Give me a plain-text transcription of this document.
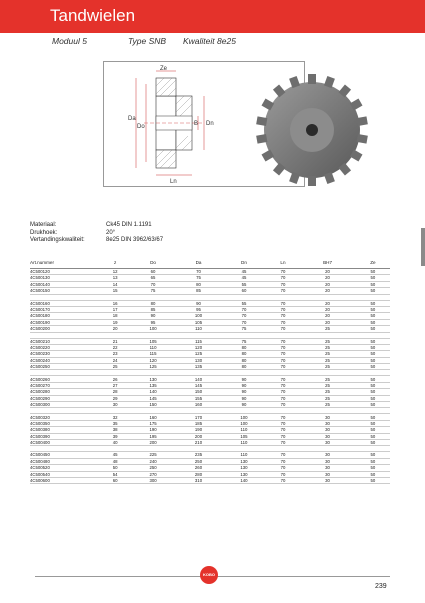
Tandwielen
Moduul 5	Type SNB Kwaliteit 8e25
Ze
Da
Do	B Dn
Ln
Materiaal:	Ck45 DIN 1.1191
Drukhoek:	20°
Vertandingskwaliteit:	8e25 DIN 3962/63/67
Art.nummer	z	Do	Da	Dn	Ln	BH7	Ze
4C500120	12	60	70	45	70	20	50
4C500130	13	65	75	45	70	20	50
4C500140	14	70	80	55	70	20	50
4C500150	15	75	85	60	70	20	50

4C500160	16	80	90	55	70	20	50
4C500170	17	85	95	70	70	20	50
4C500180	18	90	100	70	70	20	50
4C500190	19	95	105	70	70	20	50
4C500200	20	100	110	75	70	25	50

4C500210	21	105	115	75	70	25	50
4C500220	22	110	120	80	70	25	50
4C500230	23	115	125	80	70	25	50
4C500240	24	120	130	80	70	25	50
4C500250	25	125	135	80	70	25	50

4C500260	26	130	140	90	70	25	50
4C500270	27	135	145	90	70	25	50
4C500280	28	140	150	90	70	25	50
4C500290	29	145	155	90	70	25	50
4C500300	30	150	160	90	70	25	50

4C500320	32	160	170	100	70	30	50
4C500350	35	175	185	100	70	30	50
4C500380	38	190	190	110	70	30	50
4C500390	39	195	200	105	70	30	50
4C500400	40	200	210	110	70	30	50

4C500450	45	225	235	110	70	30	50
4C500480	48	240	250	130	70	30	50
4C500520	50	250	260	130	70	30	50
4C500540	54	270	280	130	70	30	50
4C500600	60	300	310	140	70	30	50
KOBO
239
